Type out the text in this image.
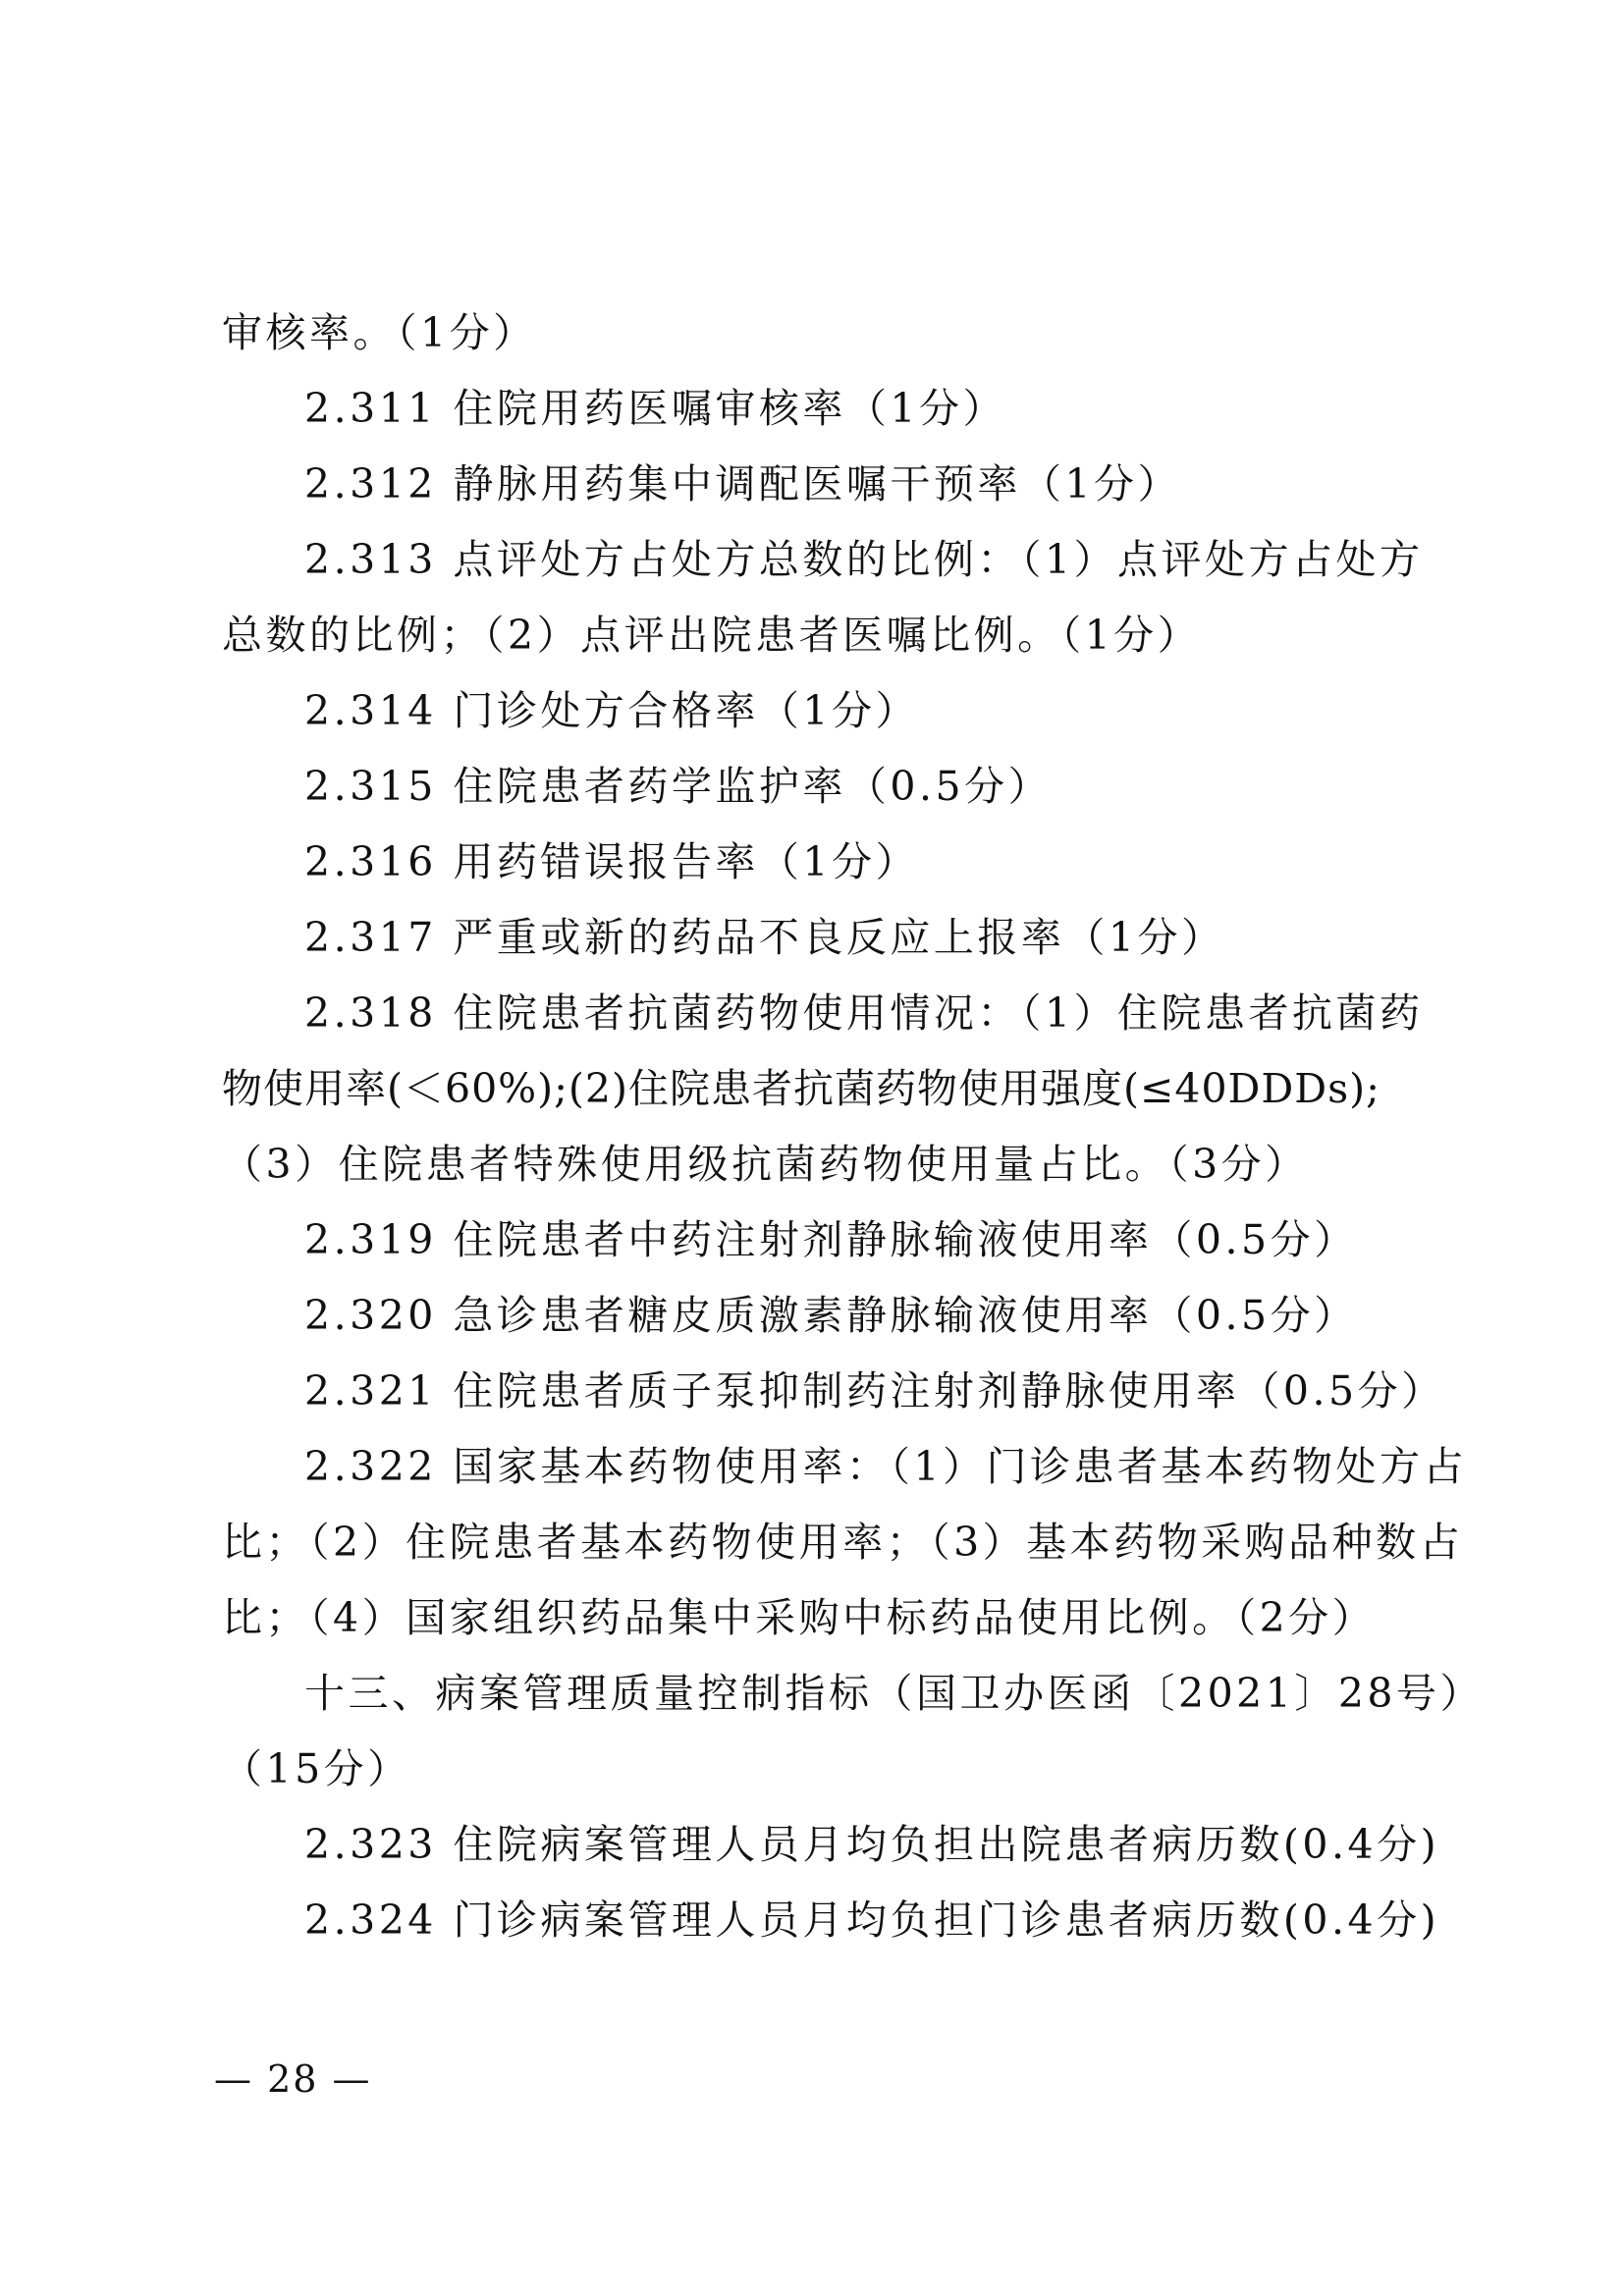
审核率。（1分）
2.311 住院用药医嘱审核率（1分）
2.312 静脉用药集中调配医嘱干预率（1分）
2.313 点评处方占处方总数的比例：（1）点评处方占处方
总数的比例；（2）点评出院患者医嘱比例。（1分）
2.314 门诊处方合格率（1分）
2.315 住院患者药学监护率（0.5分）
2.316 用药错误报告率（1分）
2.317 严重或新的药品不良反应上报率（1分）
2.318 住院患者抗菌药物使用情况：（1）住院患者抗菌药
物使用率(＜60%);(2)住院患者抗菌药物使用强度(≤40DDDs);
（3）住院患者特殊使用级抗菌药物使用量占比。（3分）
2.319 住院患者中药注射剂静脉输液使用率（0.5分）
2.320 急诊患者糖皮质激素静脉输液使用率（0.5分）
2.321 住院患者质子泵抑制药注射剂静脉使用率（0.5分）
2.322 国家基本药物使用率：（1）门诊患者基本药物处方占
比；（2）住院患者基本药物使用率；（3）基本药物采购品种数占
比；（4）国家组织药品集中采购中标药品使用比例。（2分）
十三、病案管理质量控制指标（国卫办医函〔2021〕28号）
（15分）
2.323 住院病案管理人员月均负担出院患者病历数(0.4分)
2.324 门诊病案管理人员月均负担门诊患者病历数(0.4分)
— 28 —
